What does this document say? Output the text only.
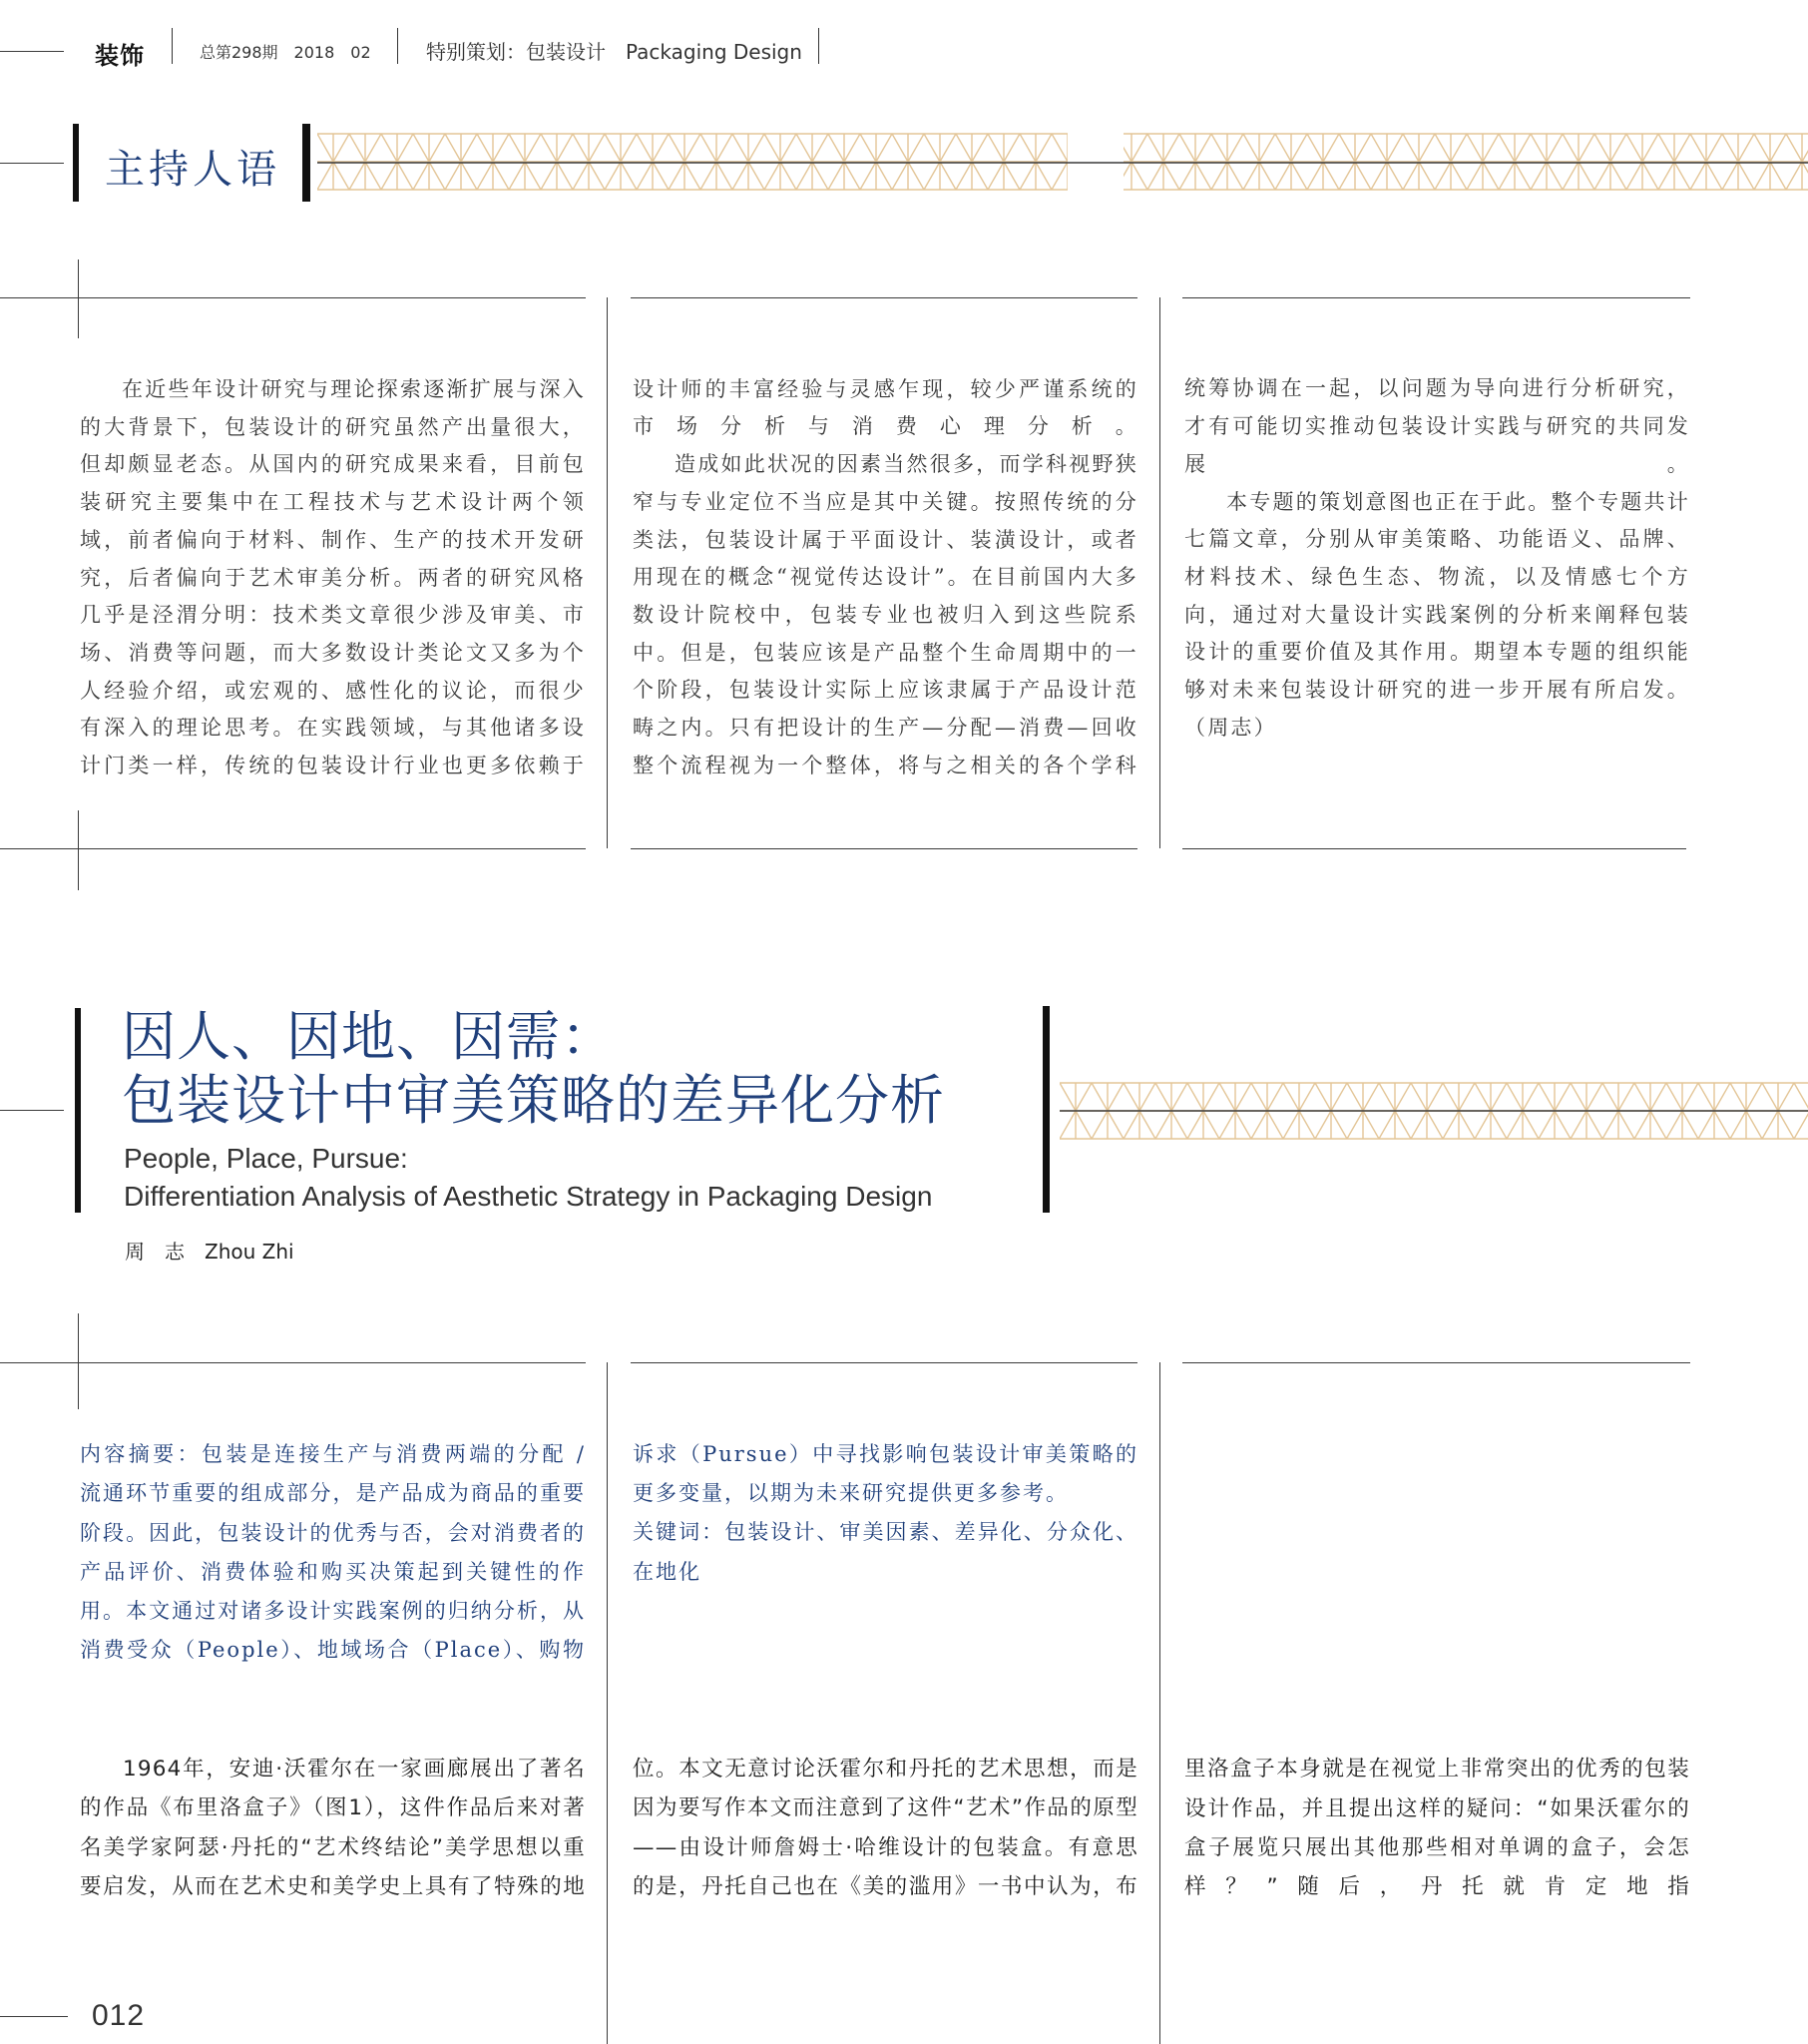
装饰	总第298期　2018　02	特别策划：包装设计　Packaging Design
主持人语

在近些年设计研究与理论探索逐渐扩展与深入的大背景下，包装设计的研究虽然产出量很大，但却颇显老态。从国内的研究成果来看，目前包装研究主要集中在工程技术与艺术设计两个领域，前者偏向于材料、制作、生产的技术开发研究，后者偏向于艺术审美分析。两者的研究风格几乎是泾渭分明：技术类文章很少涉及审美、市场、消费等问题，而大多数设计类论文又多为个人经验介绍，或宏观的、感性化的议论，而很少有深入的理论思考。在实践领域，与其他诸多设计门类一样，传统的包装设计行业也更多依赖于

设计师的丰富经验与灵感乍现，较少严谨系统的市场分析与消费心理分析。

造成如此状况的因素当然很多，而学科视野狭窄与专业定位不当应是其中关键。按照传统的分类法，包装设计属于平面设计、装潢设计，或者用现在的概念“视觉传达设计”。在目前国内大多数设计院校中，包装专业也被归入到这些院系中。但是，包装应该是产品整个生命周期中的一个阶段，包装设计实际上应该隶属于产品设计范畴之内。只有把设计的生产—分配—消费—回收整个流程视为一个整体，将与之相关的各个学科

统筹协调在一起，以问题为导向进行分析研究，才有可能切实推动包装设计实践与研究的共同发展。

本专题的策划意图也正在于此。整个专题共计七篇文章，分别从审美策略、功能语义、品牌、材料技术、绿色生态、物流，以及情感七个方向，通过对大量设计实践案例的分析来阐释包装设计的重要价值及其作用。期望本专题的组织能够对未来包装设计研究的进一步开展有所启发。（周志）

因人、因地、因需：
包装设计中审美策略的差异化分析
People, Place, Pursue:
Differentiation Analysis of Aesthetic Strategy in Packaging Design
周　志　Zhou Zhi

内容摘要：包装是连接生产与消费两端的分配 / 流通环节重要的组成部分，是产品成为商品的重要阶段。因此，包装设计的优秀与否，会对消费者的产品评价、消费体验和购买决策起到关键性的作用。本文通过对诸多设计实践案例的归纳分析，从消费受众（People）、地域场合（Place）、购物

诉求（Pursue）中寻找影响包装设计审美策略的更多变量，以期为未来研究提供更多参考。

关键词：包装设计、审美因素、差异化、分众化、在地化

1964年，安迪·沃霍尔在一家画廊展出了著名的作品《布里洛盒子》（图1），这件作品后来对著名美学家阿瑟·丹托的“艺术终结论”美学思想以重要启发，从而在艺术史和美学史上具有了特殊的地

位。本文无意讨论沃霍尔和丹托的艺术思想，而是因为要写作本文而注意到了这件“艺术”作品的原型——由设计师詹姆士·哈维设计的包装盒。有意思的是，丹托自己也在《美的滥用》一书中认为，布

里洛盒子本身就是在视觉上非常突出的优秀的包装设计作品，并且提出这样的疑问：“如果沃霍尔的盒子展览只展出其他那些相对单调的盒子，会怎样？”随后，丹托就肯定地指

012
